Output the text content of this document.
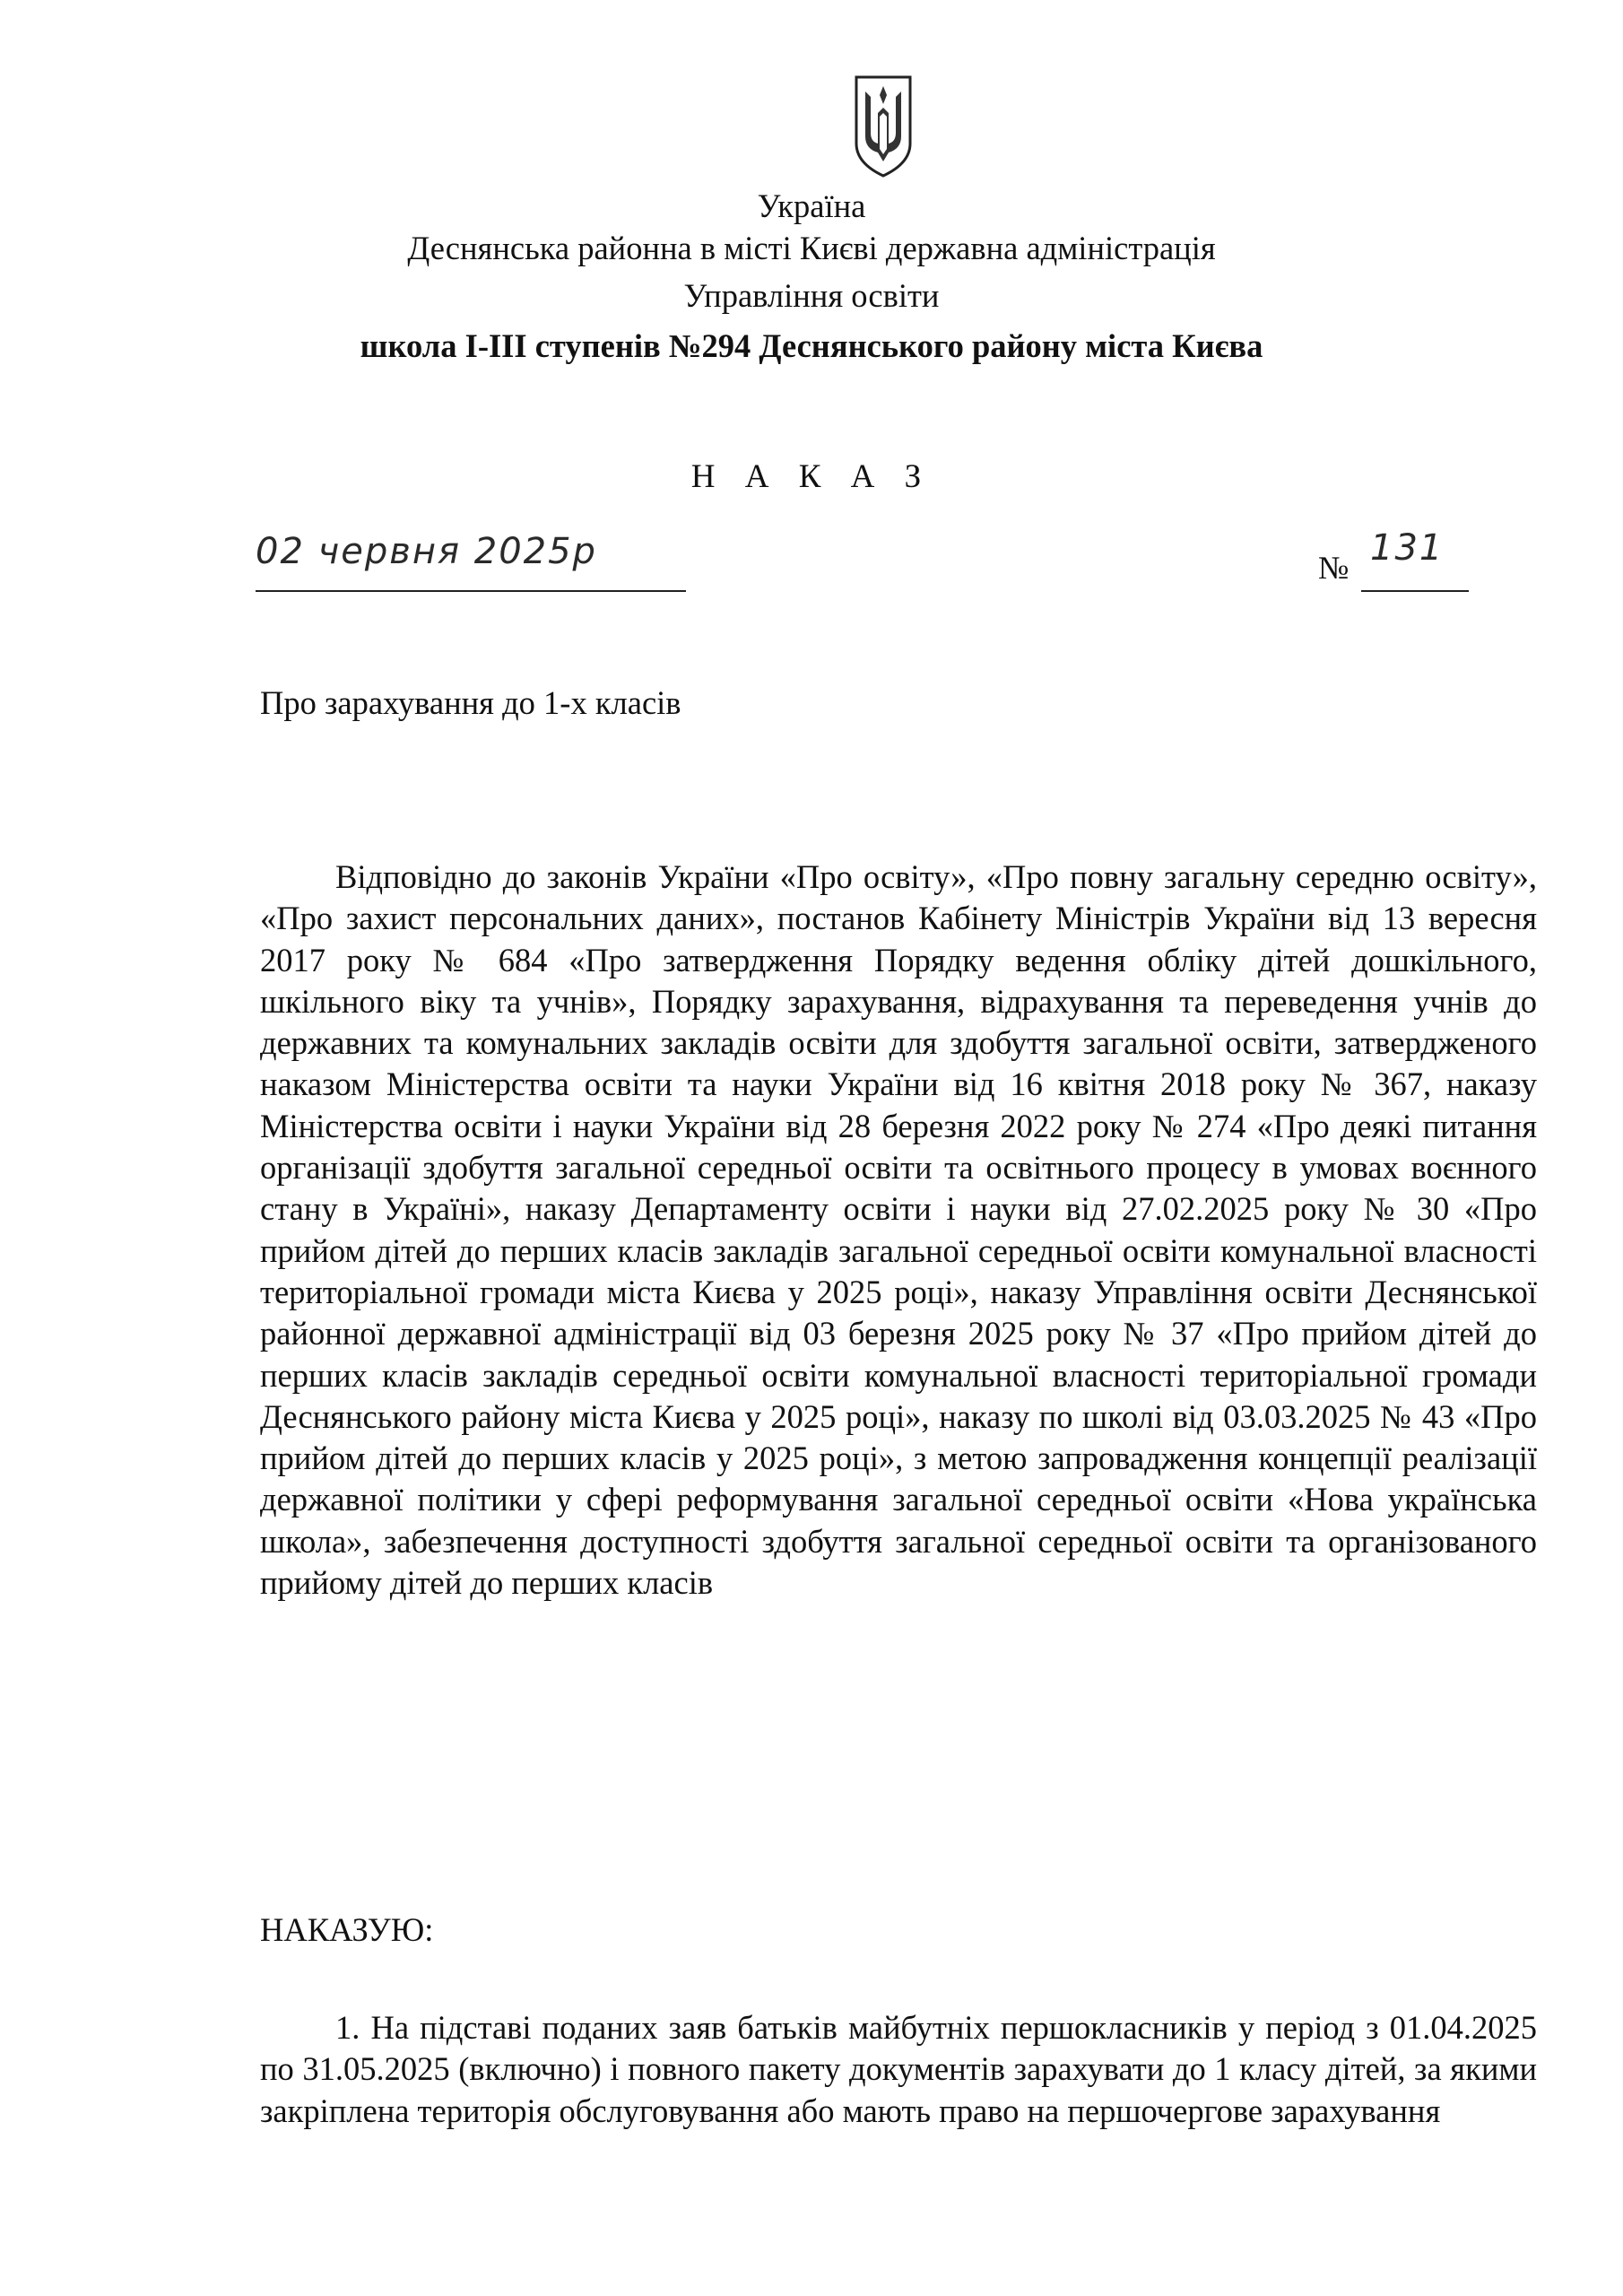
Україна
Деснянська районна в місті Києві державна адміністрація
Управління освіти
школа І-ІІІ ступенів №294 Деснянського району міста Києва
Н А К А З
02 червня 2025р	№ 131
Про зарахування до 1-х класів
Відповідно до законів України «Про освіту», «Про повну загальну середню освіту», «Про захист персональних даних», постанов Кабінету Міністрів України від 13 вересня 2017 року № 684 «Про затвердження Порядку ведення обліку дітей дошкільного, шкільного віку та учнів», Порядку зарахування, відрахування та переведення учнів до державних та комунальних закладів освіти для здобуття загальної освіти, затвердженого наказом Міністерства освіти та науки України від 16 квітня 2018 року № 367, наказу Міністерства освіти і науки України від 28 березня 2022 року № 274 «Про деякі питання організації здобуття загальної середньої освіти та освітнього процесу в умовах воєнного стану в Україні», наказу Департаменту освіти і науки від 27.02.2025 року № 30 «Про прийом дітей до перших класів закладів загальної середньої освіти комунальної власності територіальної громади міста Києва у 2025 році», наказу Управління освіти Деснянської районної державної адміністрації від 03 березня 2025 року № 37 «Про прийом дітей до перших класів закладів середньої освіти комунальної власності територіальної громади Деснянського району міста Києва у 2025 році», наказу по школі від 03.03.2025 № 43 «Про прийом дітей до перших класів у 2025 році», з метою запровадження концепції реалізації державної політики у сфері реформування загальної середньої освіти «Нова українська школа», забезпечення доступності здобуття загальної середньої освіти та організованого прийому дітей до перших класів
НАКАЗУЮ:
1. На підставі поданих заяв батьків майбутніх першокласників у період з 01.04.2025 по 31.05.2025 (включно) і повного пакету документів зарахувати до 1 класу дітей, за якими закріплена територія обслуговування або мають право на першочергове зарахування
